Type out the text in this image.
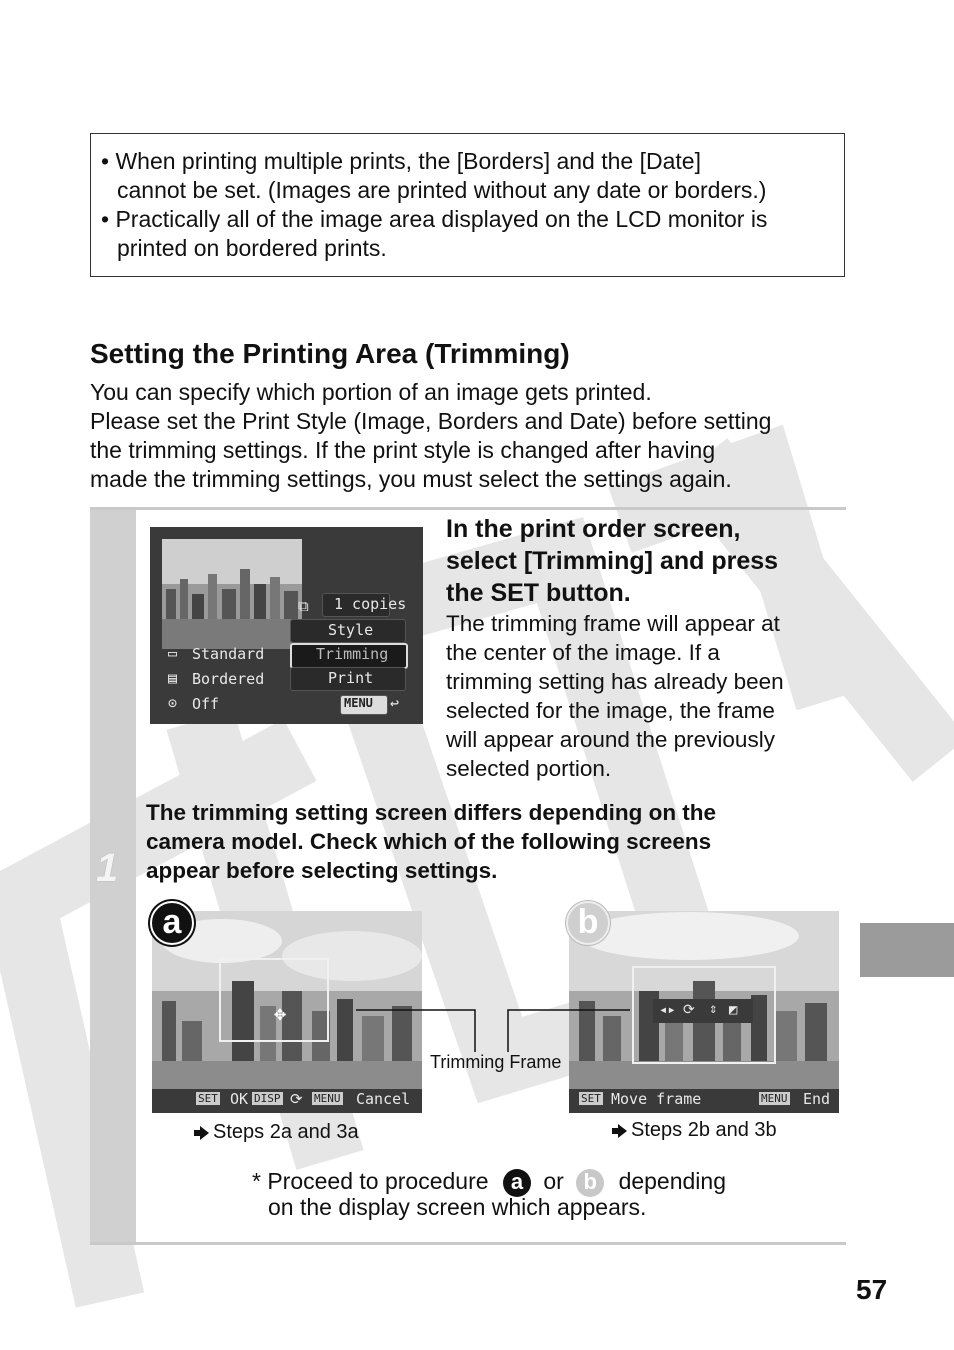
• When printing multiple prints, the [Borders] and the [Date]
cannot be set. (Images are printed without any date or borders.)
• Practically all of the image area displayed on the LCD monitor is
printed on bordered prints.
Setting the Printing Area (Trimming)
You can specify which portion of an image gets printed.
Please set the Print Style (Image, Borders and Date) before setting
the trimming settings. If the print style is changed after having
made the trimming settings, you must select the settings again.
1
⧉ 1 copies
Style
Trimming
Print
▭ Standard
▤ Bordered
⊙ Off	MENU ↩
In the print order screen,
select [Trimming] and press
the SET button.
The trimming frame will appear at
the center of the image. If a
trimming setting has already been
selected for the image, the frame
will appear around the previously
selected portion.
The trimming setting screen differs depending on the
camera model. Check which of the following screens
appear before selecting settings.
▦
⌕
✥
SET OK DISP ⟳ MENU Cancel
a
◂▸ ⟳ ⇕ ◩
SET Move frame	MENU End
b
Trimming Frame
Steps 2a and 3a	Steps 2b and 3b
* Proceed to procedure a or b depending
on the display screen which appears.
57
